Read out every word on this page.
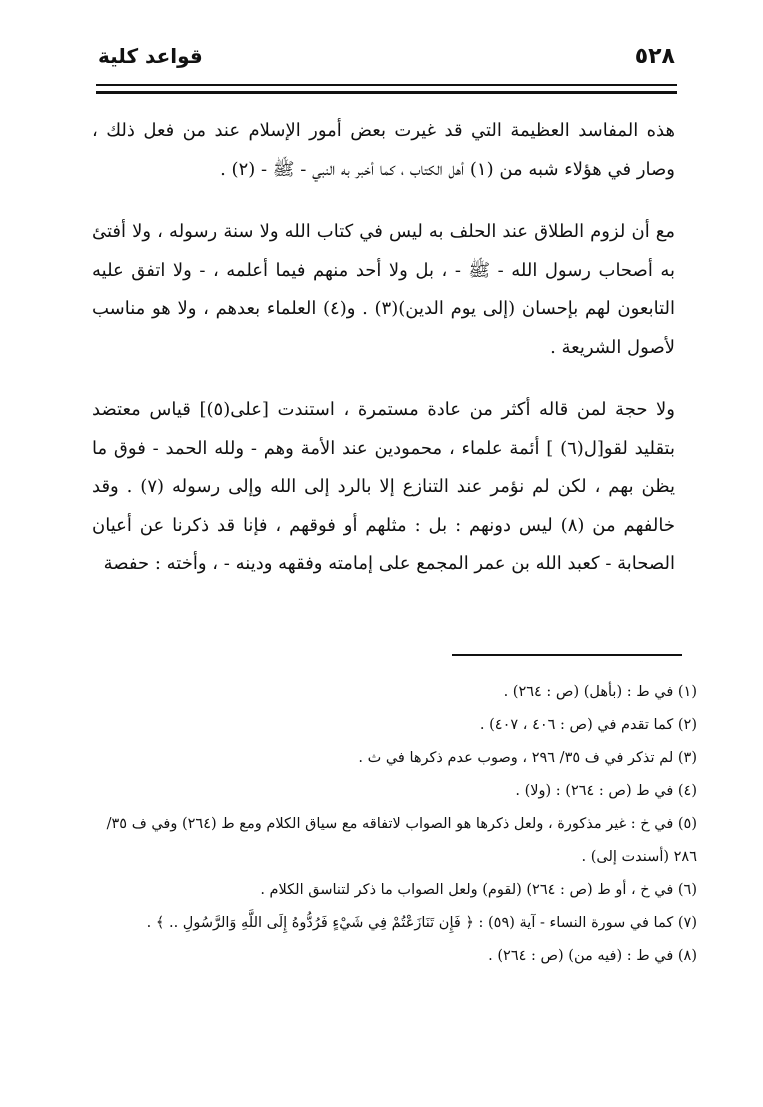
٥٢٨
قواعد كلية

هذه المفاسد العظيمة التي قد غيرت بعض أمور الإسلام عند من فعل ذلك ، وصار في هؤلاء شبه من (١) أهل الكتاب ، كما أخبر به النبي - ﷺ - (٢) .

مع أن لزوم الطلاق عند الحلف به ليس في كتاب الله ولا سنة رسوله ، ولا أفتئ به أصحاب رسول الله - ﷺ - ، بل ولا أحد منهم فيما أعلمه ، - ولا اتفق عليه التابعون لهم بإحسان (إلى يوم الدين)(٣) . و(٤) العلماء بعدهم ، ولا هو مناسب لأصول الشريعة .

ولا حجة لمن قاله أكثر من عادة مستمرة ، استندت [على(٥)] قياس معتضد بتقليد لقو[ل(٦) ] أئمة علماء ، محمودين عند الأمة وهم - ولله الحمد - فوق ما يظن بهم ، لكن لم نؤمر عند التنازع إلا بالرد إلى الله وإلى رسوله (٧) . وقد خالفهم من (٨) ليس دونهم : بل : مثلهم أو فوقهم ، فإنا قد ذكرنا عن أعيان الصحابة - كعبد الله بن عمر المجمع على إمامته وفقهه ودينه - ، وأخته : حفصة

(١) في ط : (بأهل) (ص : ٢٦٤) .

(٢) كما تقدم في (ص : ٤٠٦ ، ٤٠٧) .

(٣) لم تذكر في ف ٣٥/ ٢٩٦ ، وصوب عدم ذكرها في ث .

(٤) في ط (ص : ٢٦٤) : (ولا) .

(٥) في خ : غير مذكورة ، ولعل ذكرها هو الصواب لاتفاقه مع سياق الكلام ومع ط (٢٦٤) وفي ف ٣٥/ ٢٨٦ (أسندت إلى) .

(٦) في خ ، أو ط (ص : ٢٦٤) (لقوم) ولعل الصواب ما ذكر لتناسق الكلام .

(٧) كما في سورة النساء - آية (٥٩) : ﴿ فَإِن تَنَازَعْتُمْ فِي شَيْءٍ فَرُدُّوهُ إِلَى اللَّهِ وَالرَّسُولِ .. ﴾ .

(٨) في ط : (فيه من) (ص : ٢٦٤) .
